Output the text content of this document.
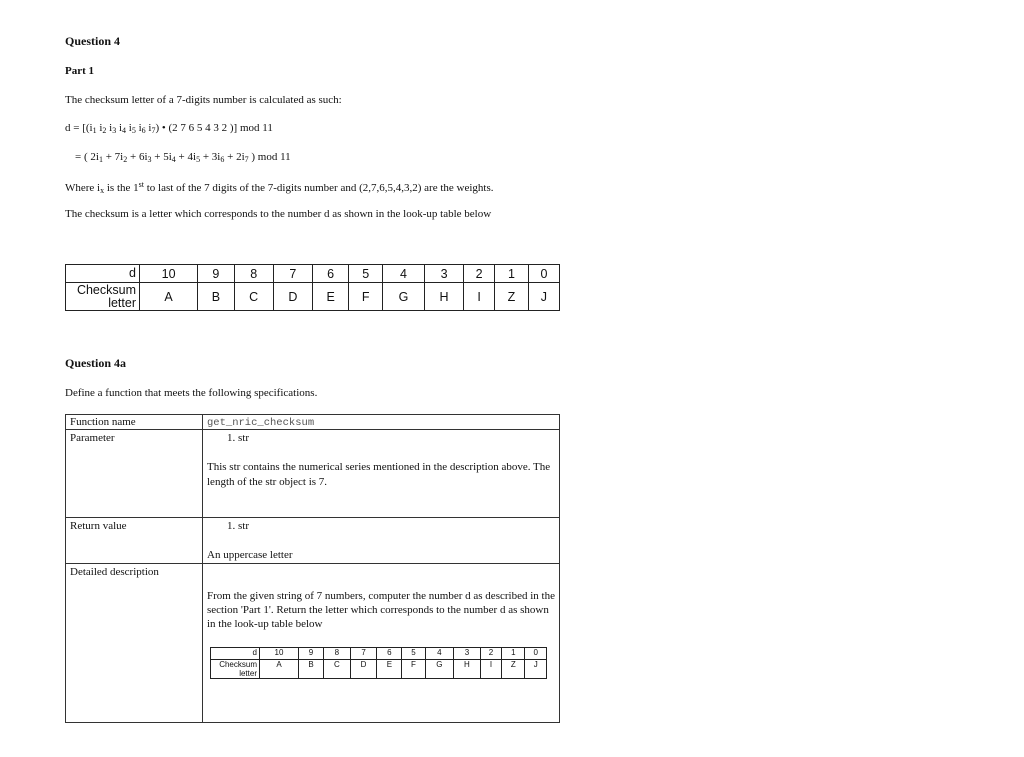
Question 4
Part 1
The checksum letter of a 7-digits number is calculated as such:
$d = [(i_1$ $i_2$ $i_3$ $i_4$ $i_5$ $i_6$ $i_7$) • (2 7 6 5 4 3 2 )] mod 11
= ( $2i_1 + 7i_2 + 6i_3 + 5i_4 + 4i_5 + 3i_6 + 2i_7$ ) mod 11
Where $i_x$ is the 1st to last of the 7 digits of the 7-digits number and (2,7,6,5,4,3,2) are the weights.
The checksum is a letter which corresponds to the number d as shown in the look-up table below
d	10	9	8	7	6	5	4	3	2	1	0
Checksum letter	A	B	C	D	E	F	G	H	I	Z	J
Question 4a
Define a function that meets the following specifications.
Function name	get_nric_checksum
Parameter	1. str
This str contains the numerical series mentioned in the description above. The length of the str object is 7.

Return value	1. str
An uppercase letter

Detailed description	
From the given string of 7 numbers, computer the number d as described in the section 'Part 1'. Return the letter which corresponds to the number d as shown in the look-up table below
d	10	9	8	7	6	5	4	3	2	1	0
Checksum letter	A	B	C	D	E	F	G	H	I	Z	J
